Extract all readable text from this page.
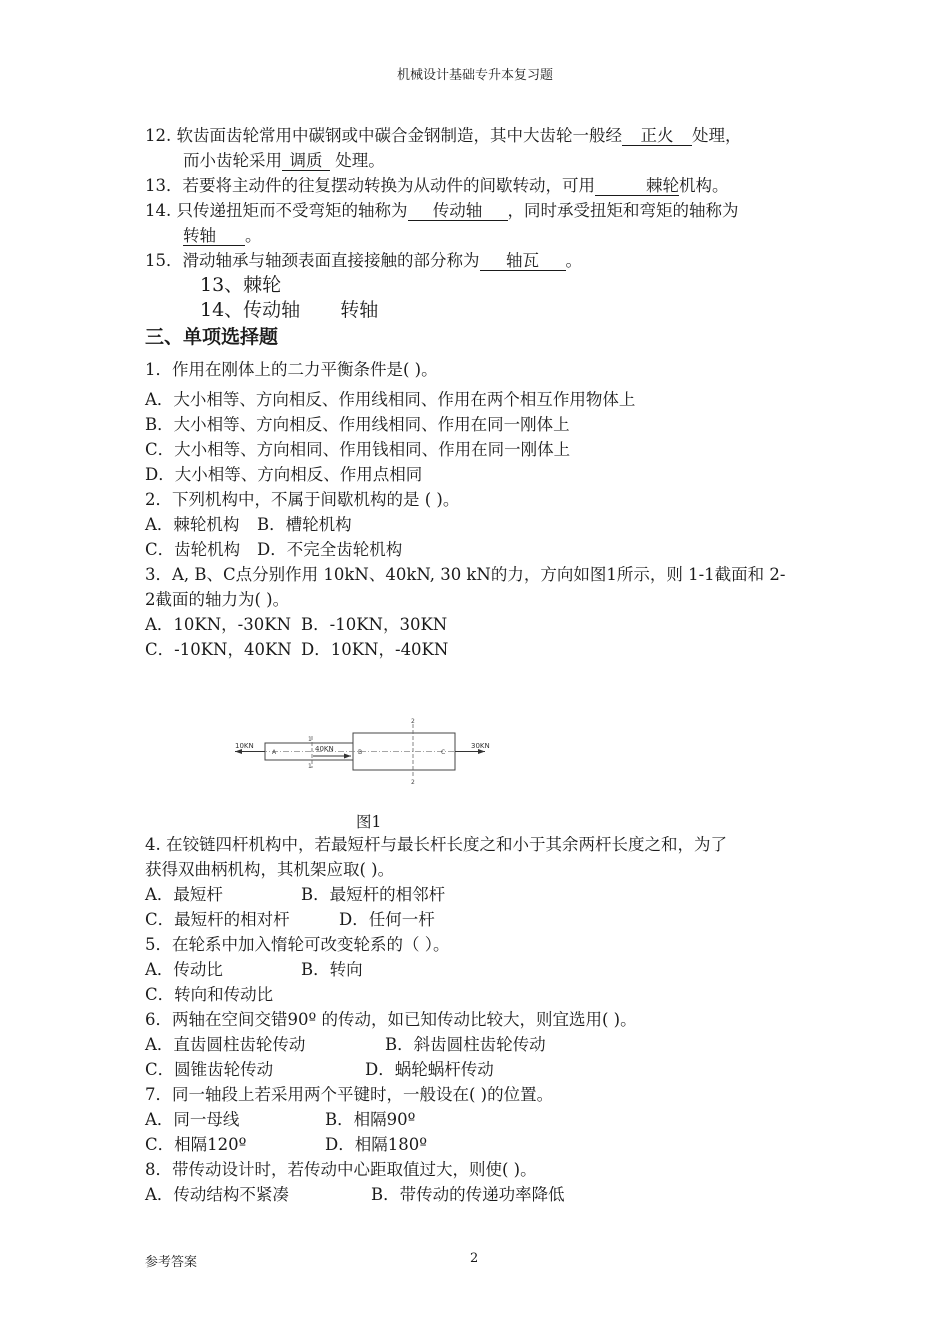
机械设计基础专升本复习题
12. 软齿面齿轮常用中碳钢或中碳合金钢制造，其中大齿轮一般经 正火 处理，
而小齿轮采用 调质 处理。
13．若要将主动件的往复摆动转换为从动件的间歇转动，可用	棘轮机构。
14. 只传递扭矩而不受弯矩的轴称为 传动轴 ，同时承受扭矩和弯矩的轴称为
转轴 。
15．滑动轴承与轴颈表面直接接触的部分称为 轴瓦 。
13、棘轮
14、传动轴 转轴
三、单项选择题
1．作用在刚体上的二力平衡条件是( )。
A．大小相等、方向相反、作用线相同、作用在两个相互作用物体上
B．大小相等、方向相反、作用线相同、作用在同一刚体上
C．大小相等、方向相同、作用钱相同、作用在同一刚体上
D．大小相等、方向相反、作用点相同
2．下列机构中，不属于间歇机构的是 ( )。
A．棘轮机构 B．槽轮机构
C．齿轮机构 D．不完全齿轮机构
3．A, B、C点分别作用 10kN、40kN, 30 kN的力，方向如图1所示，则 1-1截面和 2-
2截面的轴力为( )。
A．10KN，-30KN B．-10KN，30KN
C．-10KN，40KN D．10KN，-40KN
10KN	40KN	30KN
A	B	C
1
1
2
2
图1
4. 在铰链四杆机构中，若最短杆与最长杆长度之和小于其余两杆长度之和，为了
获得双曲柄机构，其机架应取( )。
A．最短杆	B．最短杆的相邻杆
C．最短杆的相对杆	D．任何一杆
5．在轮系中加入惰轮可改变轮系的（ ）。
A．传动比	B．转向
C．转向和传动比
6．两轴在空间交错90º 的传动，如已知传动比较大，则宜选用( )。
A．直齿圆柱齿轮传动	B．斜齿圆柱齿轮传动
C．圆锥齿轮传动	D．蜗轮蜗杆传动
7．同一轴段上若采用两个平键时，一般设在( )的位置。
A．同一母线	B．相隔90º
C．相隔120º	D．相隔180º
8．带传动设计时，若传动中心距取值过大，则使( )。
A．传动结构不紧凑	B．带传动的传递功率降低
参考答案	2
